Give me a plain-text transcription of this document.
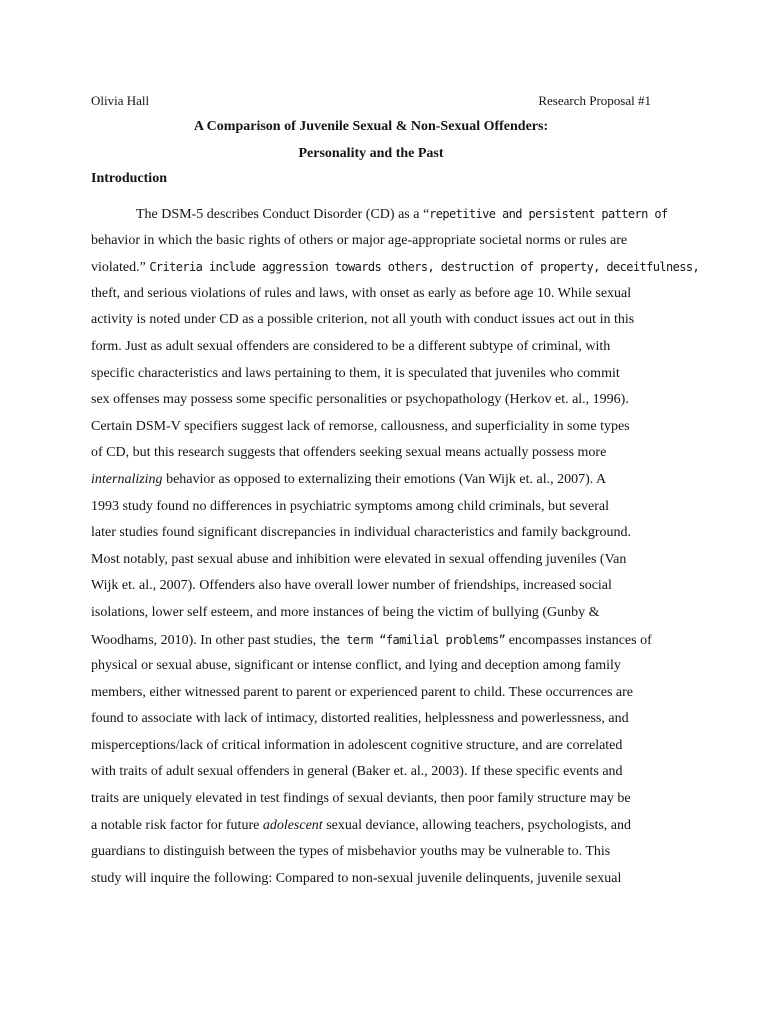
Olivia Hall	Research Proposal #1
A Comparison of Juvenile Sexual & Non-Sexual Offenders:
Personality and the Past
Introduction
The DSM-5 describes Conduct Disorder (CD) as a “repetitive and persistent pattern of
behavior in which the basic rights of others or major age-appropriate societal norms or rules are
violated.” Criteria include aggression towards others, destruction of property, deceitfulness,
theft, and serious violations of rules and laws, with onset as early as before age 10. While sexual
activity is noted under CD as a possible criterion, not all youth with conduct issues act out in this
form. Just as adult sexual offenders are considered to be a different subtype of criminal, with
specific characteristics and laws pertaining to them, it is speculated that juveniles who commit
sex offenses may possess some specific personalities or psychopathology (Herkov et. al., 1996).
Certain DSM-V specifiers suggest lack of remorse, callousness, and superficiality in some types
of CD, but this research suggests that offenders seeking sexual means actually possess more
internalizing behavior as opposed to externalizing their emotions (Van Wijk et. al., 2007). A
1993 study found no differences in psychiatric symptoms among child criminals, but several
later studies found significant discrepancies in individual characteristics and family background.
Most notably, past sexual abuse and inhibition were elevated in sexual offending juveniles (Van
Wijk et. al., 2007). Offenders also have overall lower number of friendships, increased social
isolations, lower self esteem, and more instances of being the victim of bullying (Gunby &
Woodhams, 2010). In other past studies, the term “familial problems” encompasses instances of
physical or sexual abuse, significant or intense conflict, and lying and deception among family
members, either witnessed parent to parent or experienced parent to child. These occurrences are
found to associate with lack of intimacy, distorted realities, helplessness and powerlessness, and
misperceptions/lack of critical information in adolescent cognitive structure, and are correlated
with traits of adult sexual offenders in general (Baker et. al., 2003). If these specific events and
traits are uniquely elevated in test findings of sexual deviants, then poor family structure may be
a notable risk factor for future adolescent sexual deviance, allowing teachers, psychologists, and
guardians to distinguish between the types of misbehavior youths may be vulnerable to. This
study will inquire the following: Compared to non-sexual juvenile delinquents, juvenile sexual
